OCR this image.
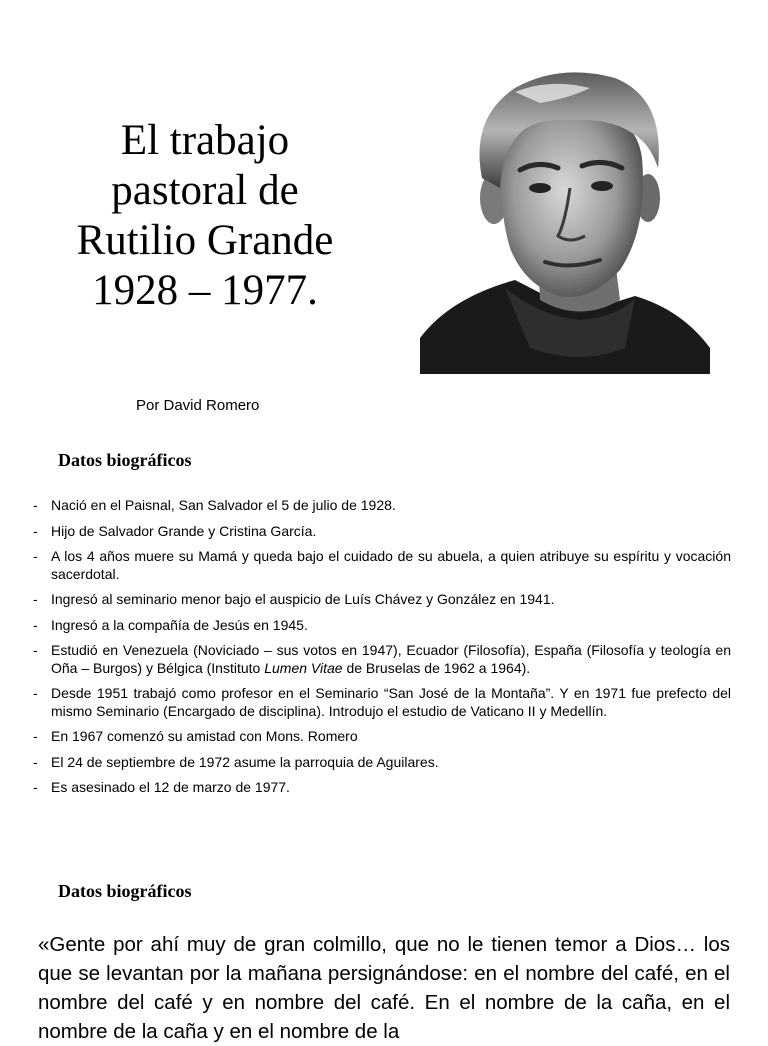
El trabajo
pastoral de
Rutilio Grande
1928 – 1977.

Por David Romero

Datos biográficos
- Nació en el Paisnal, San Salvador el 5 de julio de 1928.
- Hijo de Salvador Grande y Cristina García.
- A los 4 años muere su Mamá y queda bajo el cuidado de su abuela, a quien atribuye su espíritu y vocación sacerdotal.
- Ingresó al seminario menor bajo el auspicio de Luís Chávez y González en 1941.
- Ingresó a la compañía de Jesús en 1945.
- Estudió en Venezuela (Noviciado – sus votos en 1947), Ecuador (Filosofía), España (Filosofía y teología en Oña – Burgos) y Bélgica (Instituto Lumen Vitae de Bruselas de 1962 a 1964).
- Desde 1951 trabajó como profesor en el Seminario “San José de la Montaña”. Y en 1971 fue prefecto del mismo Seminario (Encargado de disciplina). Introdujo el estudio de Vaticano II y Medellín.
- En 1967 comenzó su amistad con Mons. Romero
- El 24 de septiembre de 1972 asume la parroquia de Aguilares.
- Es asesinado el 12 de marzo de 1977.
Datos biográficos

«Gente por ahí muy de gran colmillo, que no le tienen temor a Dios… los que se levantan por la mañana persignándose: en el nombre del café, en el nombre del café y en nombre del café. En el nombre de la caña, en el nombre de la caña y en el nombre de la
